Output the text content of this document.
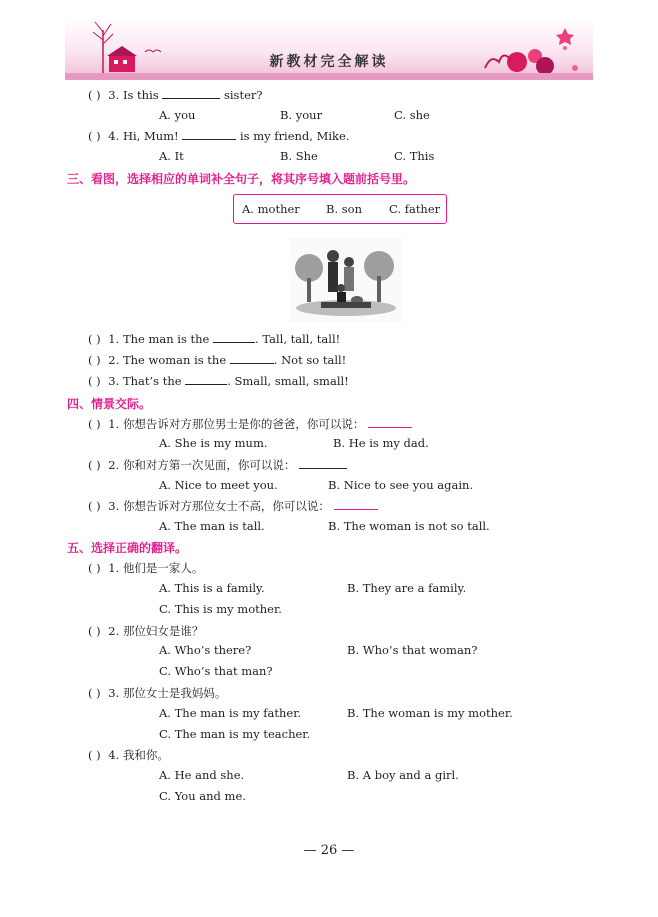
新教材完全解读
( ) 3. Is this	sister?
A. you	B. your	C. she
( ) 4. Hi, Mum!	is my friend, Mike.
A. It	B. She	C. This
三、看图，选择相应的单词补全句子，将其序号填入题前括号里。
A. mother B. son C. father
( ) 1. The man is the	. Tall, tall, tall!
( ) 2. The woman is the	. Not so tall!
( ) 3. That’s the	. Small, small, small!
四、情景交际。
( ) 1. 你想告诉对方那位男士是你的爸爸，你可以说：
A. She is my mum.	B. He is my dad.
( ) 2. 你和对方第一次见面，你可以说：
A. Nice to meet you.	B. Nice to see you again.
( ) 3. 你想告诉对方那位女士不高，你可以说：
A. The man is tall.	B. The woman is not so tall.
五、选择正确的翻译。
( ) 1. 他们是一家人。
A. This is a family.	B. They are a family.
C. This is my mother.
( ) 2. 那位妇女是谁？
A. Who’s there?	B. Who’s that woman?
C. Who’s that man?
( ) 3. 那位女士是我妈妈。
A. The man is my father.	B. The woman is my mother.
C. The man is my teacher.
( ) 4. 我和你。
A. He and she.	B. A boy and a girl.
C. You and me.
— 26 —
